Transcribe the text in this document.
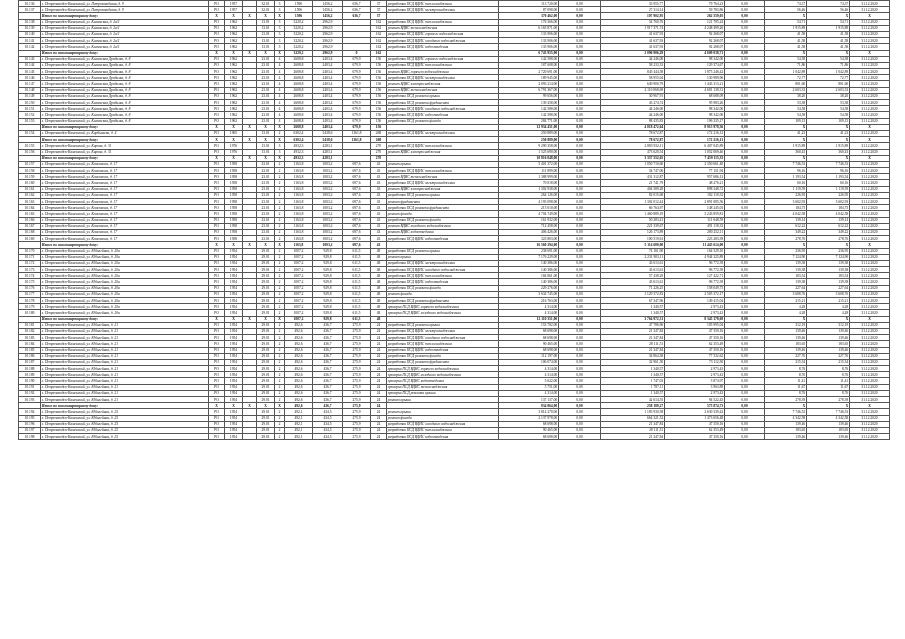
10.136	г. Петрозаводск-Каменский, ул. Петрозаводская, д. 9	РО	1957		32.01	3	1596	1456,2	636,7	37	разработка ПСД ВДИС теплоснабжения	113 720,00	0,00	33 955,77	79 764,23	0,00	74,37	74,37	31.12.2020
10.137	г. Петрозаводск-Каменский, ул. Петрозаводская, д. 9	РО	1957		32.01	3	1596	1456,2	636,7	37	разработка ПСД ВДИС электроснабжения	87 098,00	0,00	27 314,14	59 783,86	0,00	56,46	56,46	31.12.2020
	Итого по многоквартирному дому:	Х	Х	Х	Х	Х	1596	1456,2	636,7	37		370 462,00	0,00	107 902,95	262 559,05	0,00	Х	Х	Х
10.138	г. Петрозаводск-Каменский, ул. Каменская, д. 2а/1	РО	1962		13.01	3	3220,2	2962,9		162	разработка ПСД ВДИС теплоснабжения	176 366,00	0,00	54 760,76	121 705,24	0,00	54,71	54,71	31.12.2020
10.139	г. Петрозаводск-Каменский, ул. Каменская, д. 2а/1	РО	1962		13.01	3	3220,2	2962,9		162	ремонт ВДИС теплоснабжения	6 165 871,00	0,00	1 917 371,74	4 248 499,26	0,00	1 915,89	1 915,89	31.12.2020
10.140	г. Петрозаводск-Каменский, ул. Каменская, д. 2а/1	РО	1962		13.01	3	3220,2	2962,9		162	разработка ПСД ВДИС горячего водоснабжения	133 906,00	0,00	41 637,93	92 268,07	0,00	41,58	41,58	31.12.2020
10.141	г. Петрозаводск-Каменский, ул. Каменская, д. 2а/1	РО	1962		13.01	3	3220,2	2962,9		162	разработка ПСД ВДИС холодного водоснабжения	133 906,00	0,00	41 637,93	92 268,07	0,00	41,58	41,58	31.12.2020
10.142	г. Петрозаводск-Каменский, ул. Каменская, д. 2а/1	РО	1962		13.01	3	3220,2	2962,9		162	разработка ПСД ВДИС водоотведения	133 906,00	0,00	41 637,93	92 268,07	0,00	41,58	41,58	31.12.2020
	Итого по многоквартирному дому:	Х	Х	Х	Х	Х	3220,2	2962,9	0	162		6 743 955,00	0,00	2 096 906,29	4 609 038,71	0,00	Х	Х	Х
10.143	г. Петрозаводск-Каменский, ул. Каменская Дробилка, д. 8	РО	1962		23.01	4	2608,8	2403,4	679,9	156	разработка ПСД ВДИС горячего водоснабжения	142 588,00	0,00	44 246,00	98 342,00	0,00	54,58	54,58	31.12.2020
10.144	г. Петрозаводск-Каменский, ул. Каменская Дробилка, д. 8	РО	1962		23.01	4	2608,8	2403,4	679,9	156	разработка ПСД ВДИС теплоснабжения	187 608,00	0,00	58 233,33	129 374,67	0,00	71,86	71,86	31.12.2020
10.145	г. Петрозаводск-Каменский, ул. Каменская Дробилка, д. 8	РО	1962		23.01	4	2608,8	2403,4	679,9	156	ремонт ВДИС горячего водоснабжения	2 720 691,00	0,00	845 444,58	1 875 246,42	0,00	1 042,89	1 042,89	31.12.2020
10.146	г. Петрозаводск-Каменский, ул. Каменская Дробилка, д. 8	РО	1962		23.01	4	2608,8	2403,4	679,9	156	разработка ПСД ВДИС электроснабжения	189 945,00	0,00	58 955,04	130 989,96	0,00	72,77	72,77	31.12.2020
10.147	г. Петрозаводск-Каменский, ул. Каменская Дробилка, д. 8	РО	1962		23.01	4	2608,8	2403,4	679,9	156	ремонт ВДИС электроснабжения	2 093 214,00	0,00	649 900,79	1 443 313,21	0,00	801,60	801,60	31.12.2020
10.148	г. Петрозаводск-Каменский, ул. Каменская Дробилка, д. 8	РО	1962		23.01	4	2608,8	2403,4	679,9	156	ремонт ВДИС теплоснабжения	6 791 367,00	0,00	2 110 068,69	4 681 138,31	0,00	2 603,33	2 603,33	31.12.2020
10.149	г. Петрозаводск-Каменский, ул. Каменская Дробилка, д. 8	РО	1962		23.01	4	2608,8	2403,4	679,9	156	разработка ПСД ремонта крыши	99 656,00	0,00	30 967,91	68 688,09	0,00	38,20	38,20	31.12.2020
10.150	г. Петрозаводск-Каменский, ул. Каменская Дробилка, д. 8	РО	1962		23.01	4	2608,8	2403,4	679,9	156	разработка ПСД ремонта фундамента	139 258,00	0,00	43 274,74	95 983,26	0,00	53,38	53,38	31.12.2020
10.151	г. Петрозаводск-Каменский, ул. Каменская Дробилка, д. 8	РО	1962		23.01	4	2608,8	2403,4	679,9	156	разработка ПСД ВДИС холодного водоснабжения	142 588,00	0,00	44 246,00	98 342,00	0,00	54,58	54,58	31.12.2020
10.152	г. Петрозаводск-Каменский, ул. Каменская Дробилка, д. 8	РО	1962		23.01	4	2608,8	2403,4	679,9	156	разработка ПСД ВДИС водоотведения	142 588,00	0,00	44 246,00	98 342,00	0,00	54,58	54,58	31.12.2020
10.153	г. Петрозаводск-Каменский, ул. Каменская Дробилка, д. 8	РО	1962		23.01	4	2608,8	2403,4	679,9	156	разработка ПСД ремонта фасада	284 771,00	0,00	88 435,83	196 335,17	0,00	109,15	109,15	31.12.2020
	Итого по многоквартирному дому:	Х	Х	Х	Х	Х	2608,8	2403,4	679,9	156		12 934 451,00	0,00	4 018 472,64	8 915 978,36	0,00	Х	Х	Х
10.154	г. Петрозаводск-Каменский, ул. Карбышева, д. 4	РО	1965		13.01	2	6302,4	5438,6	1361,8	268	разработка ПСД ВДИС электроснабжения	250 889,00	0,00	78 672,87	172 216,13	0,00	41,23	41,23	31.12.2020
	Итого по многоквартирному дому:	Х	Х	Х	Х	Х	6302,4	5438,6	1361,8	268		250 889,00	0,00	78 672,87	172 216,13	0,00	Х	Х	Х
10.155	г. Петрозаводск-Каменский, ул. Кирова, д. 31	РО	1976		13.01	3	4932,3	4283,1		270	разработка ПСД ВДИС теплоснабжения	9 290 358,00	0,00	2 883 932,11	6 407 045,89	0,00	1 915,89	1 915,89	31.12.2020
10.156	г. Петрозаводск-Каменский, ул. Кирова, д. 31	РО	1976		13.01	3	4932,3	4283,1		270	ремонт ВДИС электроснабжения	1 525 690,00	0,00	473 620,54	1 052 069,46	0,00	360,43	360,43	31.12.2020
	Итого по многоквартирному дому:	Х	Х	Х	Х	Х	4932,3	4283,1		270		10 816 048,00	0,00	3 357 552,65	7 459 115,35	0,00	Х	Х	Х
10.157	г. Петрозаводск-Каменский, ул. Комсомола, д. 17	РО	1958		23.01	2	1163,8	1003,2	697,6	43	ремонт крыши	3 401 372,00	0,00	1 050 710,60	2 350 661,40	0,00	7 746,53	7 746,53	31.12.2020
10.158	г. Петрозаводск-Каменский, ул. Комсомола, д. 17	РО	1958		23.01	2	1163,8	1003,2	697,6	43	разработка ПСД ВДИС теплоснабжения	111 899,00	0,00	34 747,06	77 151,94	0,00	96,16	96,16	31.12.2020
10.159	г. Петрозаводск-Каменский, ул. Комсомола, д. 17	РО	1958		23.01	2	1163,8	1003,2	697,6	43	ремонт ВДИС теплоснабжения	1 388 999,00	0,00	431 312,87	957 686,13	0,00	1 193,54	1 193,54	31.12.2020
10.160	г. Петрозаводск-Каменский, ул. Комсомола, д. 17	РО	1958		23.01	2	1163,8	1003,2	697,6	43	разработка ПСД ВДИС электроснабжения	70 018,00	0,00	21 741,79	48 276,21	0,00	60,16	60,16	31.12.2020
10.161	г. Петрозаводск-Каменский, ул. Комсомола, д. 17	РО	1958		23.01	2	1163,8	1003,2	697,6	43	ремонт ВДИС электроснабжения	1 302 938,00	0,00	404 589,28	898 348,72	0,00	1 119,59	1 119,59	31.12.2020
10.162	г. Петрозаводск-Каменский, ул. Комсомола, д. 17	РО	1958		23.01	2	1163,8	1003,2	697,6	43	разработка ПСД ремонта крыши	264 126,00	0,00	82 015,68	182 110,32	0,00	226,95	226,95	31.12.2020
10.163	г. Петрозаводск-Каменский, ул. Комсомола, д. 17	РО	1958		23.01	2	1163,8	1003,2	697,6	43	ремонт фундамента	4 193 098,00	0,00	1 302 012,44	2 891 085,56	0,00	3 602,93	3 602,93	31.12.2020
10.164	г. Петрozаводск-Каменский, ул. Комсомола, д. 17	РО	1958		23.01	2	1163,8	1003,2	697,6	43	разработка ПСД ремонта фундамента	215 010,00	0,00	66 764,97	148 245,03	0,00	184,75	184,75	31.12.2020
10.165	г. Петрозаводск-Каменский, ул. Комсомола, д. 17	РО	1958		23.01	2	1163,8	1003,2	697,6	43	ремонт фасада	4 704 749,00	0,00	1 460 889,19	3 243 859,81	0,00	4 042,58	4 042,58	31.12.2020
10.166	г. Петрозаводск-Каменский, ул. Комсомола, д. 17	РО	1958		23.01	2	1163,8	1003,2	697,6	43	разработка ПСД ремонта фасада	161 932,00	0,00	50 283,41	111 648,59	0,00	139,14	139,14	31.12.2020
10.167	г. Петрозаводск-Каменский, ул. Комсомола, д. 17	РО	1958		23.01	2	1163,8	1003,2	697,6	43	ремонт ВДИС холодного водоснабжения	712 458,00	0,00	221 339,67	491 118,33	0,00	612,22	612,22	31.12.2020
10.168	г. Петрозаводск-Каменский, ул. Комсомола, д. 17	РО	1958		23.01	2	1163,8	1003,2	697,6	43	ремонт ВДИС водоотведения	406 426,00	0,00	126 173,89	280 252,11	0,00	349,22	349,22	31.12.2020
10.169	г. Петрозаводск-Каменский, ул. Комсомола, д. 17	РО	1958		23.01	2	1163,8	1003,2	697,6	43	разработка ПСД ВДИС водоотведения	323 803,00	0,00	100 519,61	223 283,39	0,00	278,76	278,76	31.12.2020
	Итого по многоквартирному дому:	Х	Х	Х	Х	Х	1163,8	1003,2	697,6	43		16 560 294,00	0,00	5 114 680,00	11 445 614,00	0,00	Х	Х	Х
10.170	г. Петрозаводск-Каменский, ул. Юбилейная, д. 20а	РО	1954		29.01	2	1007,2	929,8	611,5	48	разработка ПСД ремонта крыши	238 691,00	0,00	74 161,90	164 529,10	0,00	236,95	236,95	31.12.2020
10.171	г. Петрозаводск-Каменский, ул. Юбилейная, д. 20а	РО	1954		29.01	2	1007,2	929,8	611,5	48	ремонт крыши	7 176 229,00	0,00	2 231 903,11	4 944 325,89	0,00	7 124,90	7 124,90	31.12.2020
10.172	г. Петрозаводск-Каменский, ул. Юбилейная, д. 20а	РО	1954		29.01	2	1007,2	929,8	611,5	48	разработка ПСД ВДИС электроснабжения	140 386,00	0,00	43 613,61	96 772,39	0,00	139,38	139,38	31.12.2020
10.173	г. Петрозаводск-Каменский, ул. Юбилейная, д. 20а	РО	1954		29.01	2	1007,2	929,8	611,5	48	разработка ПСД ВДИС холодного водоснабжения	140 386,00	0,00	43 613,61	96 772,39	0,00	139,38	139,38	31.12.2020
10.174	г. Петрозаводск-Каменский, ул. Юбилейная, д. 20а	РО	1954		29.01	2	1007,2	929,8	611,5	48	разработка ПСД ВДИС теплоснабжения	184 861,00	0,00	57 438,29	127 422,71	0,00	183,54	183,54	31.12.2020
10.175	г. Петрозаводск-Каменский, ул. Юбилейная, д. 20а	РО	1954		29.01	2	1007,2	929,8	611,5	48	разработка ПСД ВДИС водоотведения	140 386,00	0,00	43 613,61	96 772,39	0,00	139,38	139,38	31.12.2020
10.176	г. Петрозаводск-Каменский, ул. Юбилейная, д. 20а	РО	1954		29.01	2	1007,2	929,8	611,5	48	разработка ПСД ремонта фасада	229 276,00	0,00	71 226,25	158 049,75	0,00	227,64	227,64	31.12.2020
10.177	г. Петрозаводск-Каменский, ул. Юбилейная, д. 20а	РО	1954		29.01	2	1007,2	929,8	611,5	48	ремонт фасада	3 634 745,00	0,00	1 129 372,83	2 505 372,17	0,00	3 608,76	3 608,76	31.12.2020
10.178	г. Петрозаводск-Каменский, ул. Юбилейная, д. 20а	РО	1954		29.01	2	1007,2	929,8	611,5	48	разработка ПСД ремонта фундамента	216 763,00	0,00	67 347,96	149 415,04	0,00	215,21	215,21	31.12.2020
10.179	г. Петрозаводск-Каменский, ул. Юбилейная, д. 20а	РО	1954		29.01	2	1007,2	929,8	611,5	48	проверка ПСД ВДИС горячего водоснабжения	4 314,00	0,00	1 340,57	2 973,43	0,00	4,28	4,28	31.12.2020
10.180	г. Петрозаводск-Каменский, ул. Юбилейная, д. 20а	РО	1954		29.01	2	1007,2	929,8	611,5	48	проверка ПСД ВДИС холодного водоснабжения	4 314,00	0,00	1 340,57	2 973,43	0,00	4,28	4,28	31.12.2020
	Итого по многоквартирному дому:	Х	Х	Х	Х	Х	1007,2	929,8	611,5	48		12 110 351,00	0,00	3 764 972,31	8 345 378,69	0,00	Х	Х	Х
10.181	г. Петрозаводск-Каменский, ул. Юбилейная, д. 21	РО	1954		29.01	2	492,6	436,7	275,9	24	разработка ПСД ремонта крыши	153 782,00	0,00	47 786,96	105 995,04	0,00	312,19	312,19	31.12.2020
10.182	г. Петрозаводск-Каменский, ул. Юбилейная, д. 21	РО	1954		29.01	2	492,6	436,7	275,9	24	разработка ПСД ВДИС электроснабжения	68 698,00	0,00	21 347,84	47 350,16	0,00	139,46	139,46	31.12.2020
10.183	г. Петрозаводск-Каменский, ул. Юбилейная, д. 21	РО	1954		29.01	2	492,6	436,7	275,9	24	разработка ПСД ВДИС холодного водоснабжения	68 698,00	0,00	21 347,84	47 350,16	0,00	139,46	139,46	31.12.2020
10.184	г. Петрозаводск-Каменский, ул. Юбилейная, д. 21	РО	1954		29.01	2	492,6	436,7	275,9	24	разработка ПСД ВДИС теплоснабжения	90 465,00	0,00	28 111,51	62 353,49	0,00	183,65	183,65	31.12.2020
10.185	г. Петрозаводск-Каменский, ул. Юбилейная, д. 21	РО	1954		29.01	2	492,6	436,7	275,9	24	разработка ПСД ВДИС водоотведения	68 698,00	0,00	21 347,84	47 350,16	0,00	139,46	139,46	31.12.2020
10.186	г. Петрозаводск-Каменский, ул. Юбилейная, д. 21	РО	1954		29.01	2	492,6	436,7	275,9	24	разработка ПСД ремонта фасада	112 197,00	0,00	34 864,38	77 332,62	0,00	227,76	227,76	31.12.2020
10.187	г. Петрозаводск-Каменский, ул. Юбилейная, д. 21	РО	1954		29.01	2	492,6	436,7	275,9	24	разработка ПСД ремонта фундамента	106 074,00	0,00	32 961,50	73 112,50	0,00	215,34	215,34	31.12.2020
10.188	г. Петрозаводск-Каменский, ул. Юбилейная, д. 21	РО	1954		29.01	2	492,6	436,7	275,9	24	проверка ПСД ВДИС горячего водоснабжения	4 314,00	0,00	1 340,57	2 973,43	0,00	8,76	8,76	31.12.2020
10.189	г. Петрозаводск-Каменский, ул. Юбилейная, д. 21	РО	1954		29.01	2	492,6	436,7	275,9	24	проверка ПСД ВДИС холодного водоснабжения	4 314,00	0,00	1 340,57	2 973,43	0,00	8,76	8,76	31.12.2020
10.190	г. Петрозаводск-Каменский, ул. Юбилейная, д. 21	РО	1954		29.01	2	492,6	436,7	275,9	24	проверка ПСД ВДИС водоотведения	5 622,00	0,00	1 747,03	3 874,97	0,00	11,41	11,41	31.12.2020
10.191	г. Петрозаводск-Каменский, ул. Юбилейная, д. 21	РО	1954		29.01	2	492,6	436,7	275,9	24	проверка ПСД ВДИС теплоснабжения	5 751,00	0,00	1 787,11	3 963,89	0,00	11,67	11,67	31.12.2020
10.192	г. Петрозаводск-Каменский, ул. Юбилейная, д. 21	РО	1954		29.01	2	492,6	436,7	275,9	24	проверка ПСД ремонта крыши	4 314,00	0,00	1 340,57	2 973,43	0,00	8,76	8,76	31.12.2020
10.193	г. Петрозаводск-Каменский, ул. Юбилейная, д. 21	РО	1954		29.01	2	492,6	436,7	275,9	24	ремонт крыши	137 137,00	0,00	42 614,55	94 522,45	0,00	278,39	278,39	31.12.2020
	Итого по многоквартирному дому:	Х	Х	Х	Х	Х	492,6	436,7	275,9	24		834 064,00	0,00	258 189,27	575 874,73	0,00	Х	Х	Х
10.194	г. Петрозаводск-Каменский, ул. Юбилейная, д. 25	РО	1954		29.01	2	492,1	434,5	275,9	24	ремонт крыши	3 814 270,00	0,00	1 183 930,58	2 630 339,42	0,00	7 746,53	7 746,53	31.12.2020
10.195	г. Петрозаводск-Каменский, ул. Юбилейная, д. 25	РО	1954		29.01	2	492,1	434,5	275,9	24	ремонт фасада	2 137 978,00	0,00	664 321,52	1 473 656,48	0,00	4 342,58	4 342,58	31.12.2020
10.196	г. Петрозаводск-Каменский, ул. Юбилейная, д. 25	РО	1954		29.01	2	492,1	434,5	275,9	24	разработка ПСД ВДИС холодного водоснабжения	68 698,00	0,00	21 347,84	47 350,16	0,00	139,46	139,46	31.12.2020
10.197	г. Петрозаводск-Каменский, ул. Юбилейная, д. 25	РО	1954		29.01	2	492,1	434,5	275,9	24	разработка ПСД ВДИС теплоснабжения	90 465,00	0,00	28 111,51	62 353,49	0,00	183,65	183,65	31.12.2020
10.198	г. Петрозаводск-Каменский, ул. Юбилейная, д. 25	РО	1954		29.01	2	492,1	434,5	275,9	24	разработка ПСД ВДИС водоотведения	68 698,00	0,00	21 347,84	47 350,16	0,00	139,46	139,46	31.12.2020
